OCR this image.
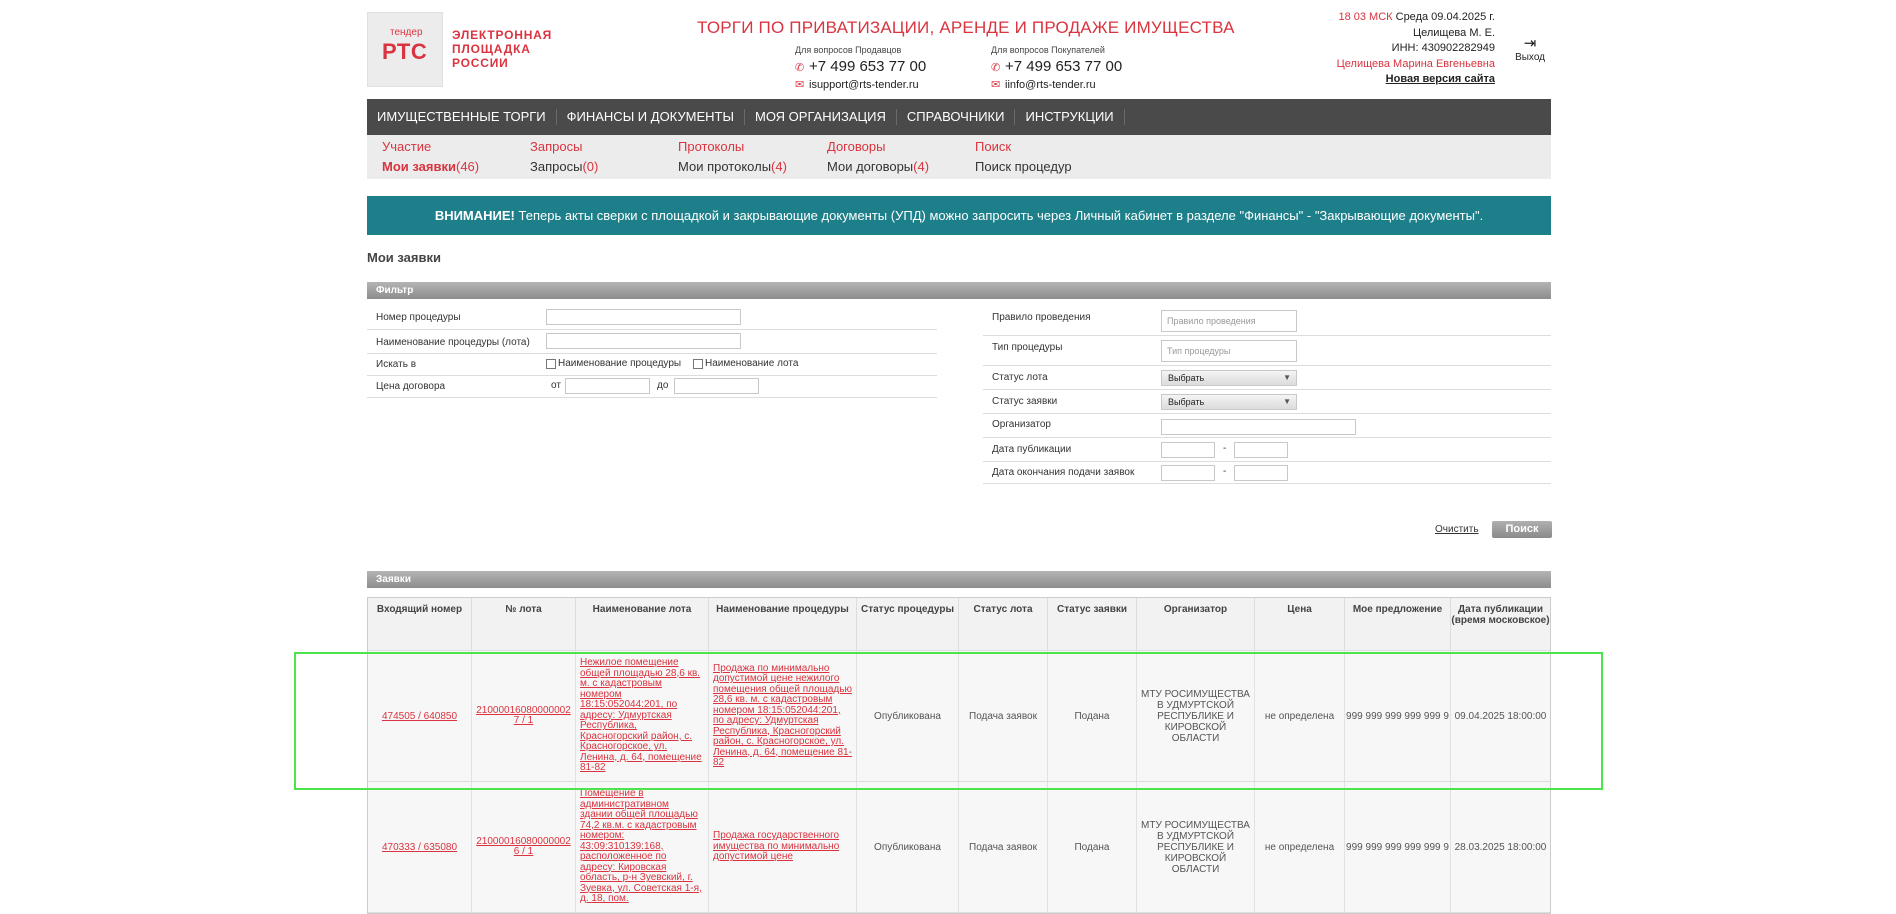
тендер
РТС
ЭЛЕКТРОННАЯ
ПЛОЩАДКА
РОССИИ
ТОРГИ ПО ПРИВАТИЗАЦИИ, АРЕНДЕ И ПРОДАЖЕ ИМУЩЕСТВА
Для вопросов Продавцов
✆ +7 499 653 77 00
✉ isupport@rts-tender.ru
Для вопросов Покупателей
✆ +7 499 653 77 00
✉ iinfo@rts-tender.ru
18 03 МСК Среда 09.04.2025 г.
Целищева М. Е.
ИНН: 430902282949
Целищева Марина Евгеньевна
Новая версия сайта
⇥
Выход
ИМУЩЕСТВЕННЫЕ ТОРГИ	ФИНАНСЫ И ДОКУМЕНТЫ	МОЯ ОРГАНИЗАЦИЯ	СПРАВОЧНИКИ	ИНСТРУКЦИИ
Участие
Мои заявки(46)
Запросы
Запросы(0)
Протоколы
Мои протоколы(4)
Договоры
Мои договоры(4)
Поиск
Поиск процедур
ВНИМАНИЕ! Теперь акты сверки с площадкой и закрывающие документы (УПД) можно запросить через Личный кабинет в разделе "Финансы" - "Закрывающие документы".
Мои заявки
Фильтр
Номер процедуры
Наименование процедуры (лота)
Искать в	Наименование процедуры Наименование лота
Цена договора	от	до
Правило проведения	Правило проведения
Тип процедуры	Тип процедуры
Статус лота	Выбрать	▼
Статус заявки	Выбрать	▼
Организатор
Дата публикации	-
Дата окончания подачи заявок	-
Очистить	Поиск
Заявки
Входящий номер	№ лота	Наименование лота	Наименование процедуры	Статус процедуры	Статус лота	Статус заявки	Организатор	Цена	Мое предложение	Дата публикации (время московское)
474505 / 640850 21000016080000002 7 / 1
Нежилое помещение общей площадью 28,6 кв. м. с кадастровым номером 18:15:052044:201, по адресу: Удмуртская Республика, Красногорский район, с. Красногорское, ул. Ленина, д. 64, помещение 81-82
Продажа по минимально допустимой цене нежилого помещения общей площадью 28,6 кв. м. с кадастровым номером 18:15:052044:201, по адресу: Удмуртская Республика, Красногорский район, с. Красногорское, ул. Ленина, д. 64, помещение 81-82
Опубликована	Подача заявок	Подана
МТУ РОСИМУЩЕСТВА В УДМУРТСКОЙ РЕСПУБЛИКЕ И КИРОВСКОЙ ОБЛАСТИ
не определена	999 999 999 999 999 9 09.04.2025 18:00:00
470333 / 635080 21000016080000002 6 / 1
Помещение в административном здании общей площадью 74,2 кв.м. с кадастровым номером: 43:09:310139:168, расположенное по адресу: Кировская область, р-н Зуевский, г. Зуевка, ул. Советская 1-я, д. 18, пом.
Продажа государственного имущества по минимально допустимой цене
Опубликована	Подача заявок	Подана
МТУ РОСИМУЩЕСТВА В УДМУРТСКОЙ РЕСПУБЛИКЕ И КИРОВСКОЙ ОБЛАСТИ
не определена	999 999 999 999 999 9 28.03.2025 18:00:00
